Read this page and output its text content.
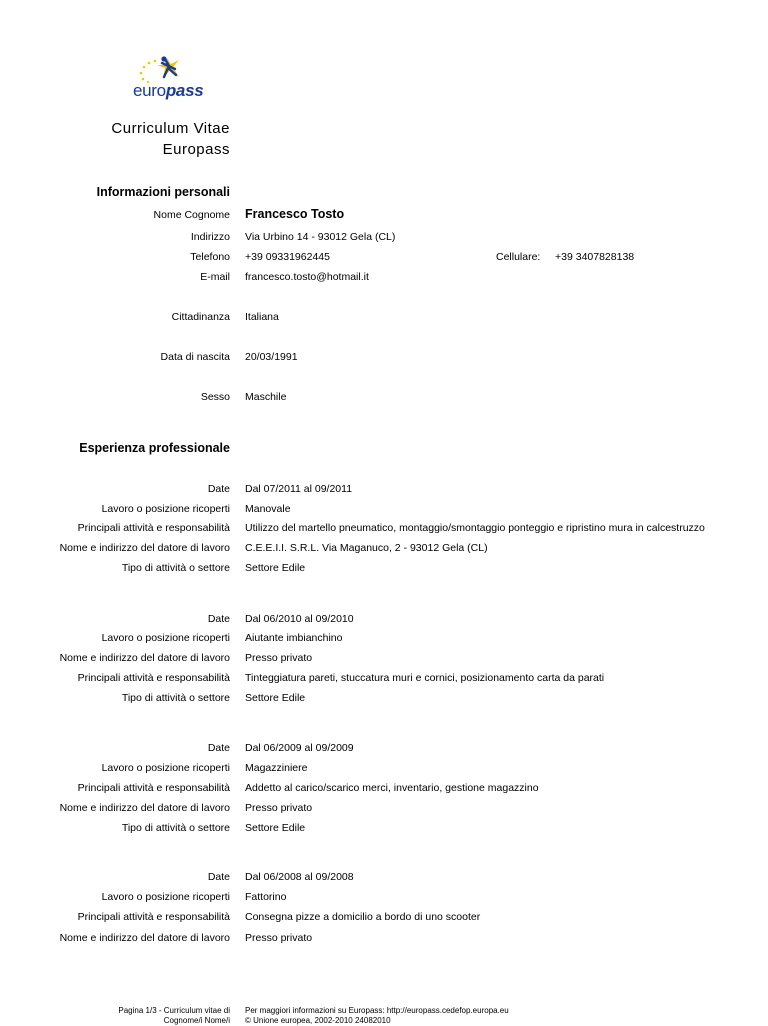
europass
Curriculum Vitae
Europass
Informazioni personali
Nome Cognome Francesco Tosto
Indirizzo Via Urbino 14 - 93012 Gela (CL)
Telefono +39 09331962445	Cellulare: +39 3407828138
E-mail francesco.tosto@hotmail.it
Cittadinanza Italiana
Data di nascita 20/03/1991
Sesso Maschile
Esperienza professionale
Date Dal 07/2011 al 09/2011
Lavoro o posizione ricoperti Manovale
Principali attività e responsabilità Utilizzo del martello pneumatico, montaggio/smontaggio ponteggio e ripristino mura in calcestruzzo
Nome e indirizzo del datore di lavoro C.E.E.I.I. S.R.L. Via Maganuco, 2 - 93012 Gela (CL)
Tipo di attività o settore Settore Edile
Date Dal 06/2010 al 09/2010
Lavoro o posizione ricoperti Aiutante imbianchino
Nome e indirizzo del datore di lavoro Presso privato
Principali attività e responsabilità Tinteggiatura pareti, stuccatura muri e cornici, posizionamento carta da parati
Tipo di attività o settore Settore Edile
Date Dal 06/2009 al 09/2009
Lavoro o posizione ricoperti Magazziniere
Principali attività e responsabilità Addetto al carico/scarico merci, inventario, gestione magazzino
Nome e indirizzo del datore di lavoro Presso privato
Tipo di attività o settore Settore Edile
Date Dal 06/2008 al 09/2008
Lavoro o posizione ricoperti Fattorino
Principali attività e responsabilità Consegna pizze a domicilio a bordo di uno scooter
Nome e indirizzo del datore di lavoro Presso privato
Pagina 1/3 - Curriculum vitae di
Cognome/i Nome/i
Per maggiori informazioni su Europass: http://europass.cedefop.europa.eu
© Unione europea, 2002-2010 24082010
